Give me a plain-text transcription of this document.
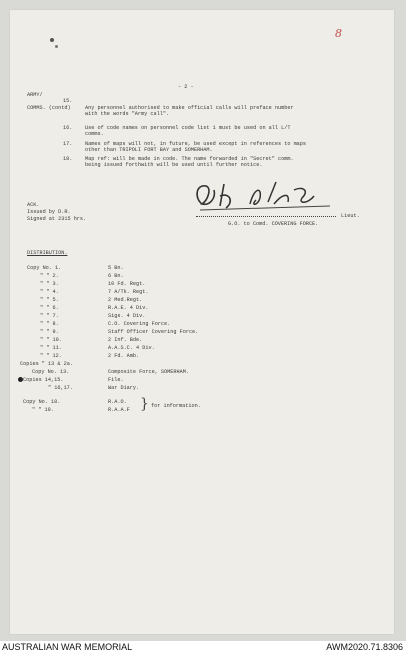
8
- 2 -
ARMY/
15.
COMMS. (contd)	Any personnel authorised to make official calls will preface number
with the words "Army call".
16. Use of code names on personnel code list 1 must be used on all L/T
comms.
17. Names of maps will not, in future, be used except in references to maps
other than TRIPOLI FORT BAY and SOMERHAM.
18. Map ref: will be made in code. The name forwarded in "Secret" comm.
being issued forthwith will be used until further notice.
Lieut.
G.O. to Comd. COVERING FORCE.
ACK.
Issued by D.R.
Signed at 2315 hrs.
DISTRIBUTION.
Copy No. 1.	5 Bn.
" " 2.	6 Bn.
" " 3.	10 Fd. Regt.
" " 4.	7 A/Tk. Regt.
" " 5.	2 Med.Regt.
" " 6.	R.A.E. 4 Div.
" " 7.	Sigs. 4 Div.
" " 8.	C.O. Covering Force.
" " 9.	Staff Officer Covering Force.
" " 10.	2 Inf. Bde.
" " 11.	A.A.S.C. 4 Div.
" " 12.	2 Fd. Amb.
Copies " 13 & 2a.
Copy No. 13.	Composite Force, SOMERHAM.
Copies 14,15.	File.
" 16,17.	War Diary.
Copy No. 18.	R.A.O.
" " 19.	R.A.A.F } for information.
AUSTRALIAN WAR MEMORIAL	AWM2020.71.8306
